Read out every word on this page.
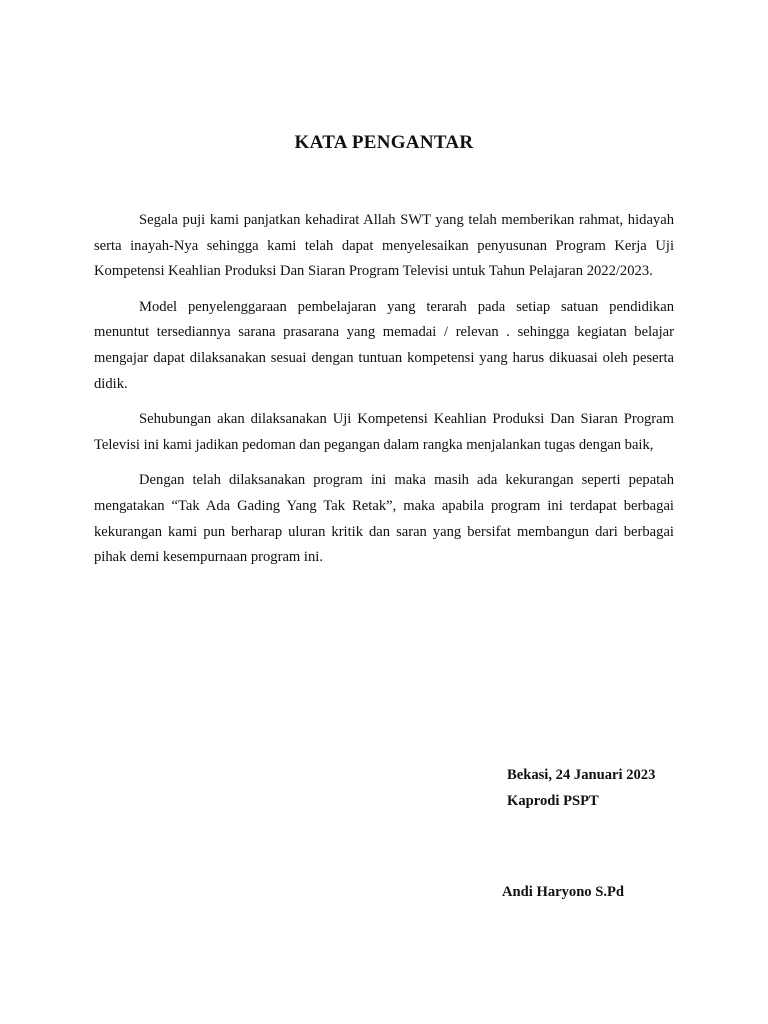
KATA PENGANTAR

Segala puji kami panjatkan kehadirat Allah SWT yang telah memberikan rahmat, hidayah serta inayah-Nya sehingga kami telah dapat menyelesaikan penyusunan Program Kerja Uji Kompetensi Keahlian Produksi Dan Siaran Program Televisi untuk Tahun Pelajaran 2022/2023.

Model penyelenggaraan pembelajaran yang terarah pada setiap satuan pendidikan menuntut tersediannya sarana prasarana yang memadai / relevan . sehingga kegiatan belajar mengajar dapat dilaksanakan sesuai dengan tuntuan kompetensi yang harus dikuasai oleh peserta didik.

Sehubungan akan dilaksanakan Uji Kompetensi Keahlian Produksi Dan Siaran Program Televisi ini kami jadikan pedoman dan pegangan dalam rangka menjalankan tugas dengan baik,

Dengan telah dilaksanakan program ini maka masih ada kekurangan seperti pepatah mengatakan “Tak Ada Gading Yang Tak Retak”, maka apabila program ini terdapat berbagai kekurangan kami pun berharap uluran kritik dan saran yang bersifat membangun dari berbagai pihak demi kesempurnaan program ini.

Bekasi, 24 Januari 2023
Kaprodi PSPT
Andi Haryono S.Pd
